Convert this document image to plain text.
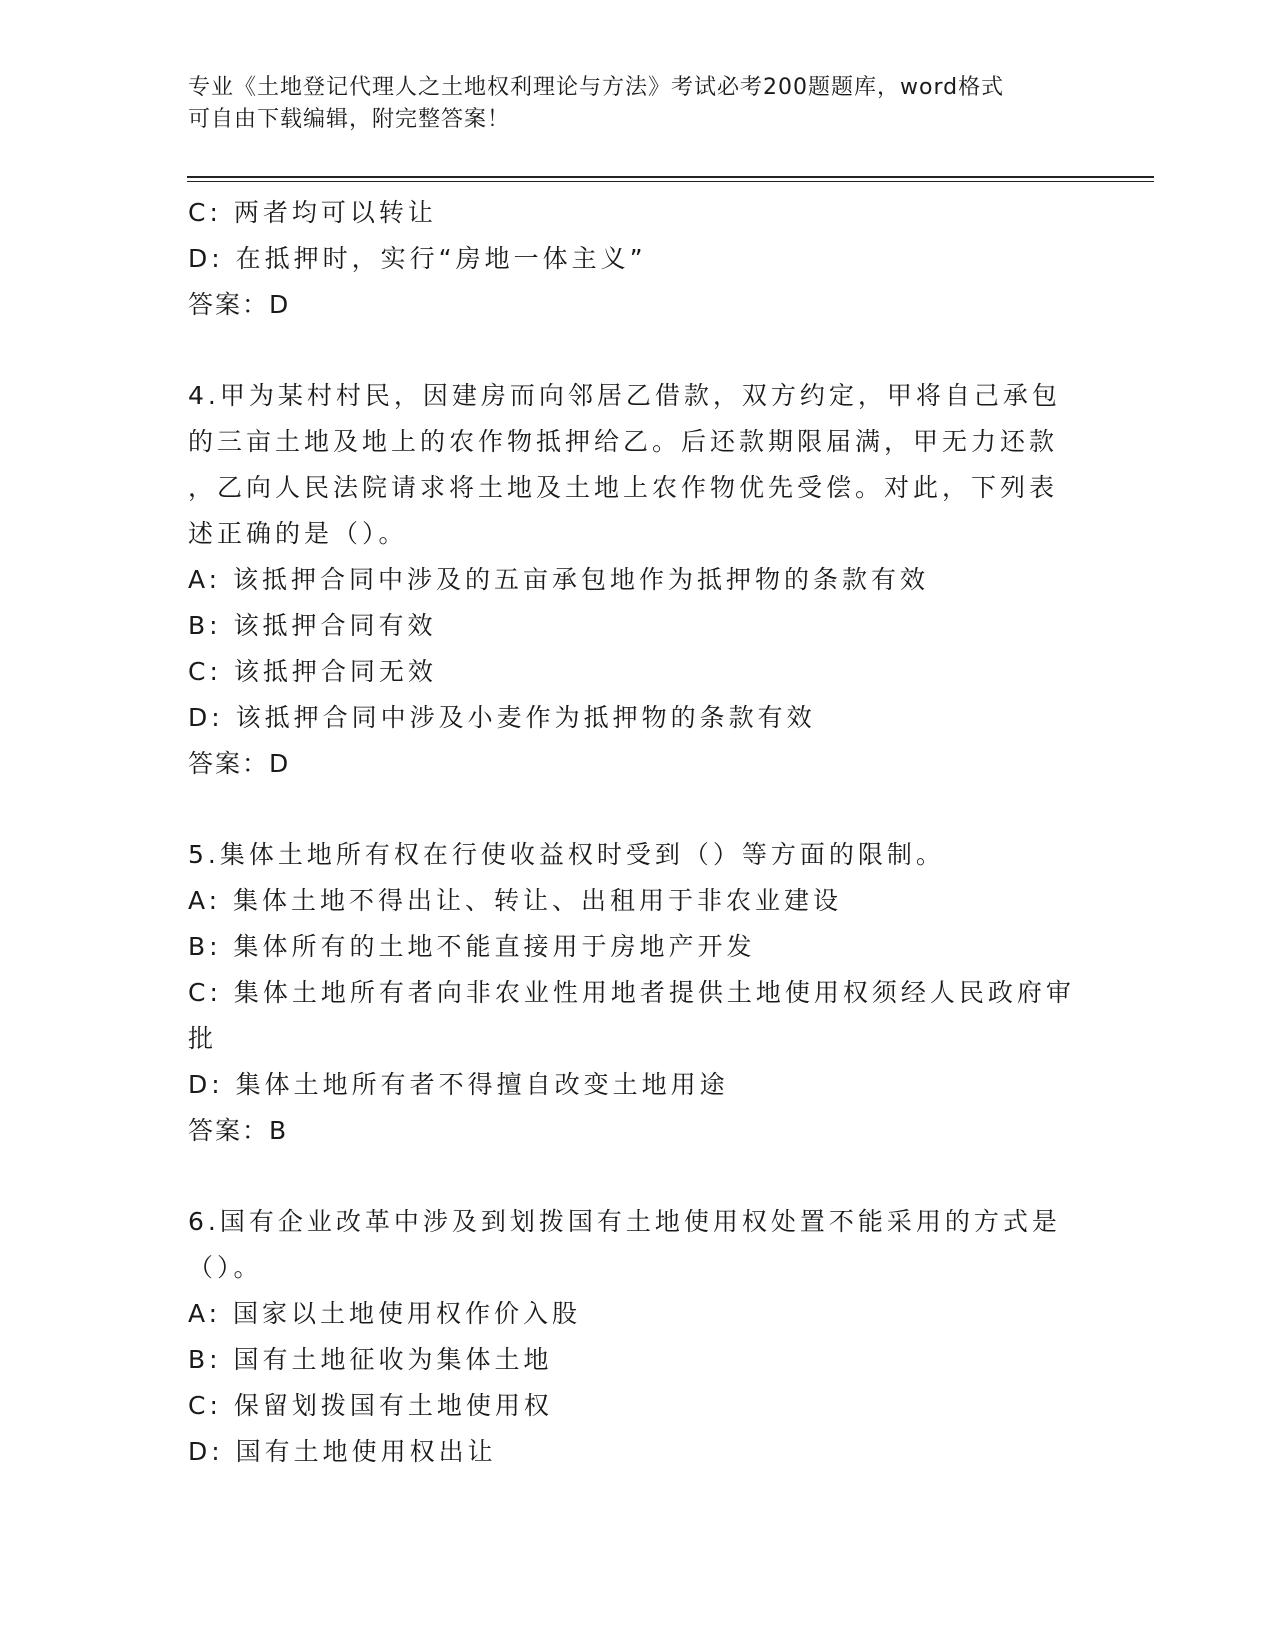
专业《土地登记代理人之土地权利理论与方法》考试必考200题题库，word格式
可自由下载编辑，附完整答案！
C: 两者均可以转让
D: 在抵押时，实行“房地一体主义”
答案：D
4.甲为某村村民，因建房而向邻居乙借款，双方约定，甲将自己承包
的三亩土地及地上的农作物抵押给乙。后还款期限届满，甲无力还款
，乙向人民法院请求将土地及土地上农作物优先受偿。对此，下列表
述正确的是（）。
A: 该抵押合同中涉及的五亩承包地作为抵押物的条款有效
B: 该抵押合同有效
C: 该抵押合同无效
D: 该抵押合同中涉及小麦作为抵押物的条款有效
答案：D
5.集体土地所有权在行使收益权时受到（）等方面的限制。
A: 集体土地不得出让、转让、出租用于非农业建设
B: 集体所有的土地不能直接用于房地产开发
C: 集体土地所有者向非农业性用地者提供土地使用权须经人民政府审
批
D: 集体土地所有者不得擅自改变土地用途
答案：B
6.国有企业改革中涉及到划拨国有土地使用权处置不能采用的方式是
（）。
A: 国家以土地使用权作价入股
B: 国有土地征收为集体土地
C: 保留划拨国有土地使用权
D: 国有土地使用权出让
